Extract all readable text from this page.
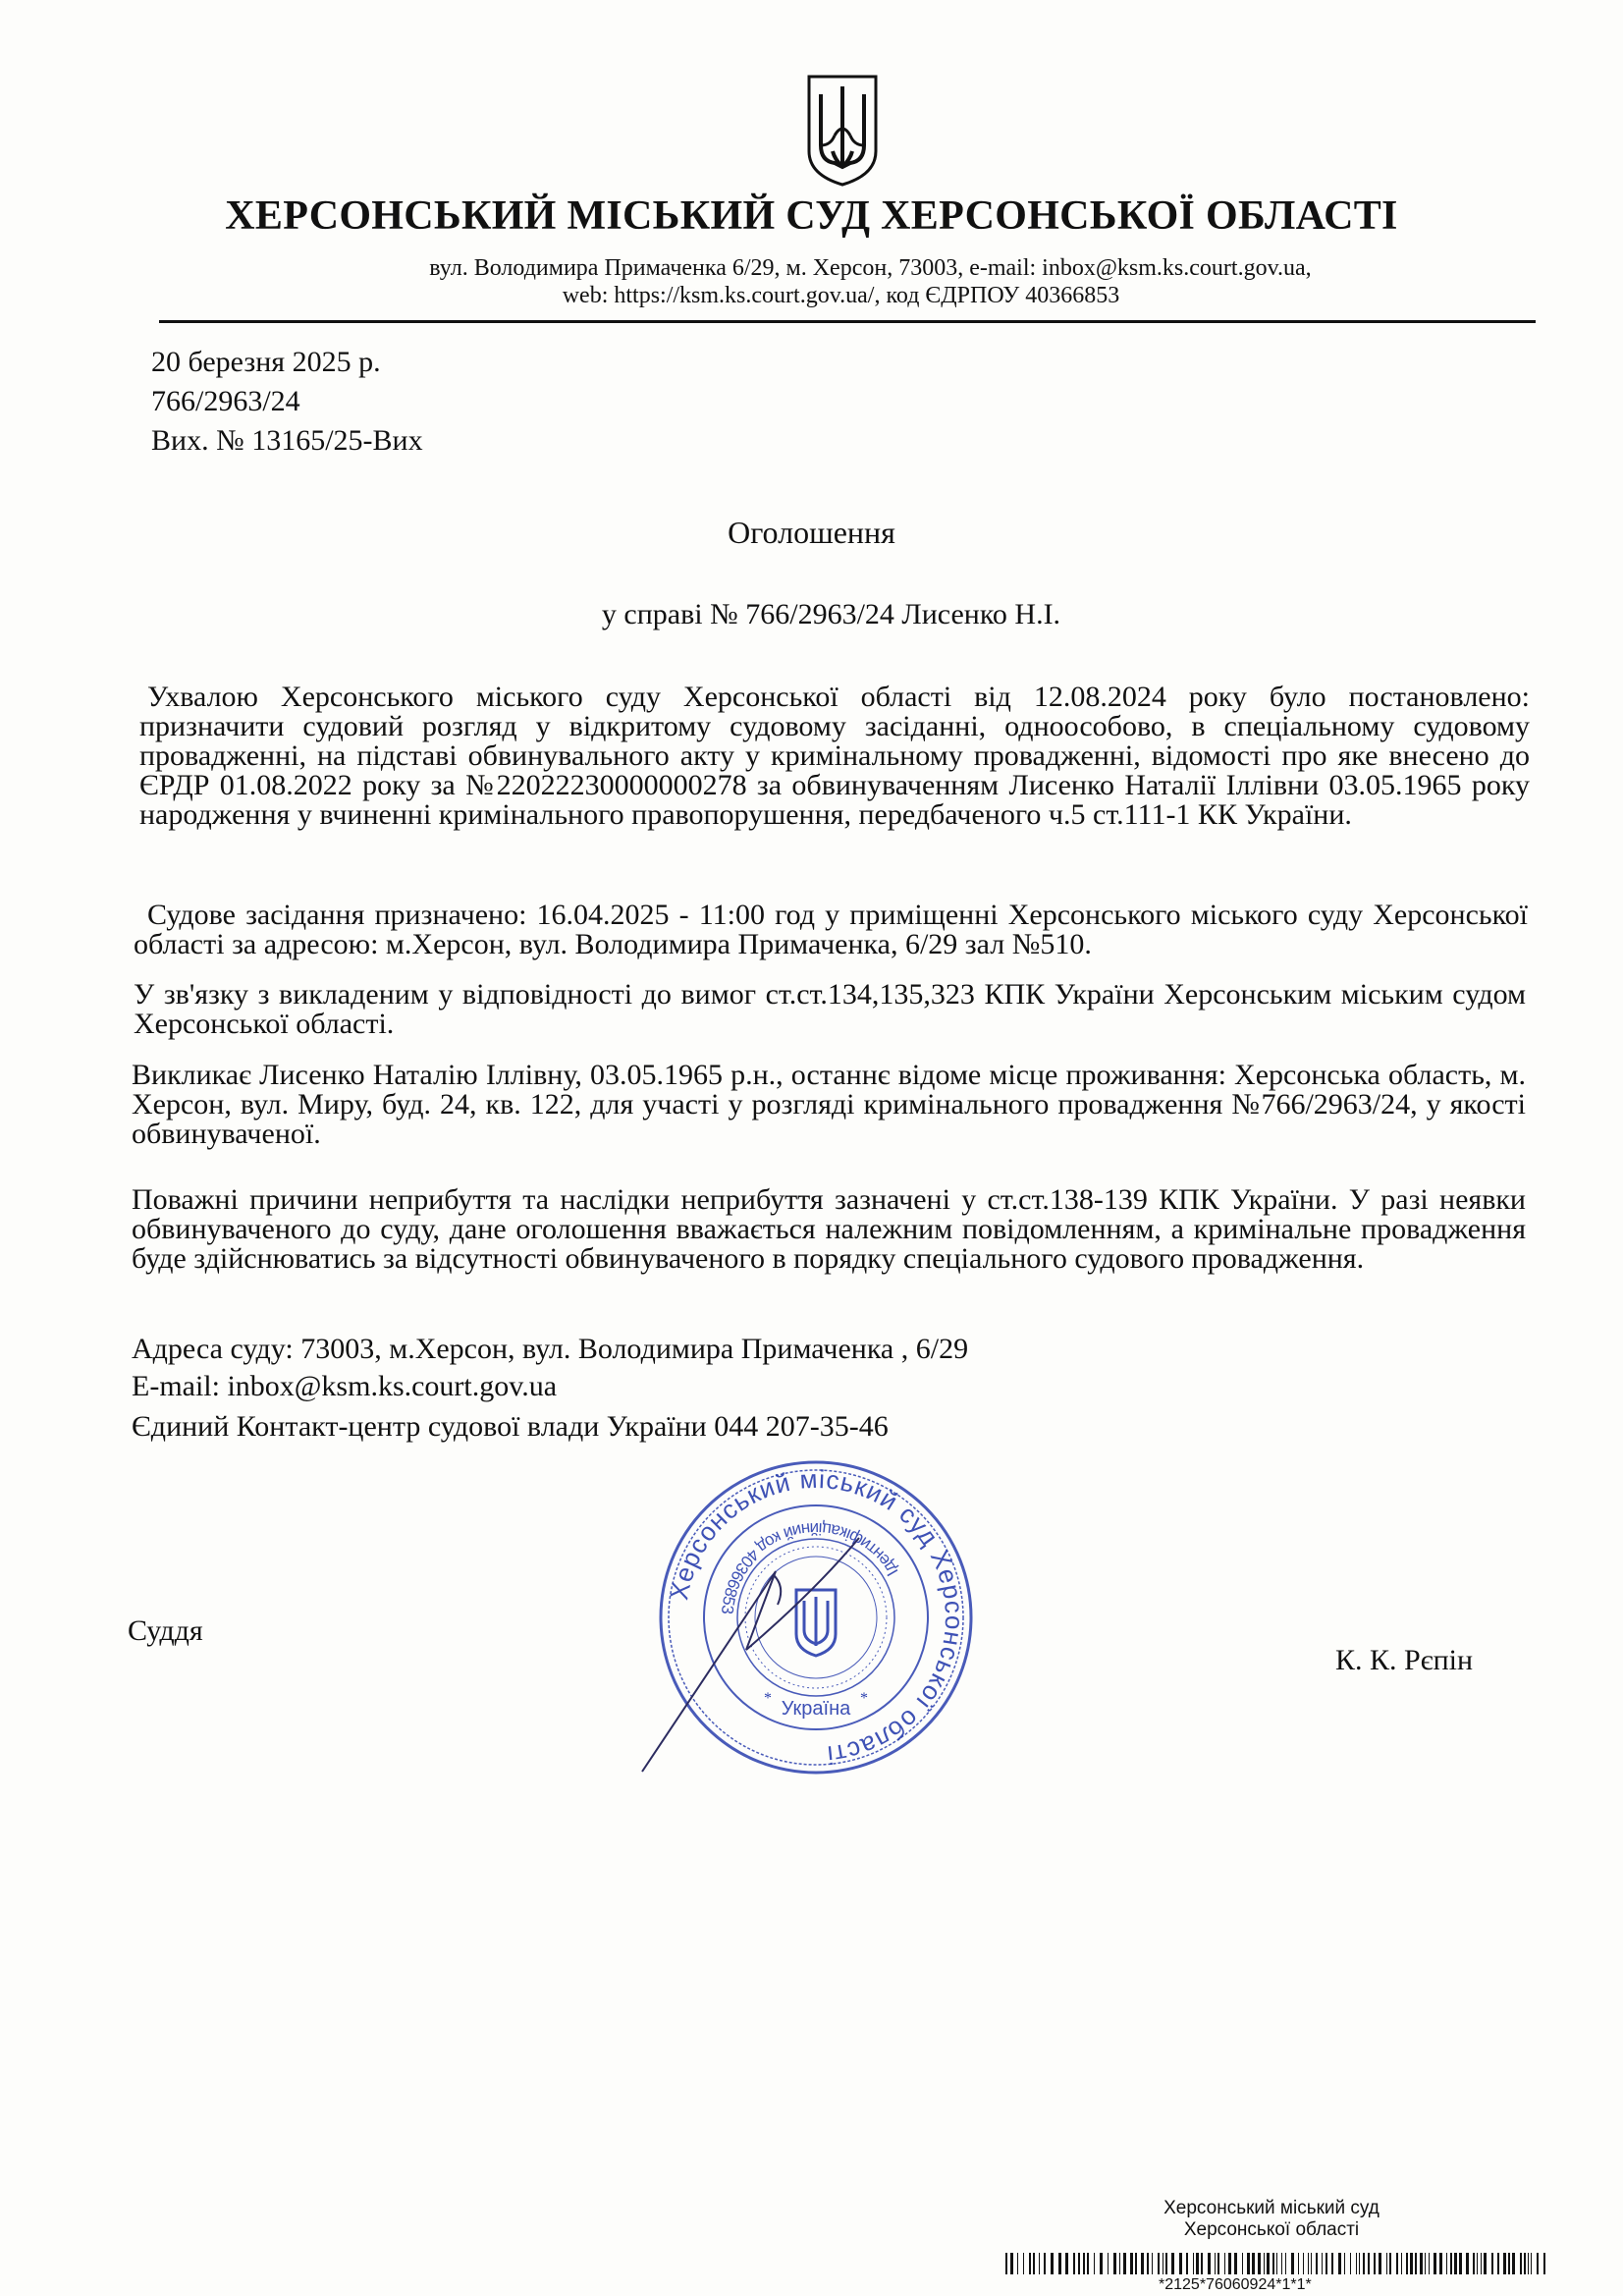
ХЕРСОНСЬКИЙ МІСЬКИЙ СУД ХЕРСОНСЬКОЇ ОБЛАСТІ
вул. Володимира Примаченка 6/29, м. Херсон, 73003, e-mail: inbox@ksm.ks.court.gov.ua,
web: https://ksm.ks.court.gov.ua/, код ЄДРПОУ 40366853
20 березня 2025 р.
766/2963/24
Вих. № 13165/25-Вих
Оголошення
у справі № 766/2963/24 Лисенко Н.І.

Ухвалою Херсонського міського суду Херсонської області від 12.08.2024 року було постановлено: призначити судовий розгляд у відкритому судовому засіданні, одноособово, в спеціальному судовому провадженні, на підставі обвинувального акту у кримінальному провадженні, відомості про яке внесено до ЄРДР 01.08.2022 року за №22022230000000278 за обвинуваченням Лисенко Наталії Іллівни 03.05.1965 року народження у вчиненні кримінального правопорушення, передбаченого ч.5 ст.111-1 КК України.

Судове засідання призначено: 16.04.2025 - 11:00 год у приміщенні Херсонського міського суду Херсонської області за адресою: м.Херсон, вул. Володимира Примаченка, 6/29 зал №510.

У зв'язку з викладеним у відповідності до вимог ст.ст.134,135,323 КПК України Херсонським міським судом Херсонської області.

Викликає Лисенко Наталію Іллівну, 03.05.1965 р.н., останнє відоме місце проживання: Херсонська область, м. Херсон, вул. Миру, буд. 24, кв. 122, для участі у розгляді кримінального провадження №766/2963/24, у якості обвинуваченої.

Поважні причини неприбуття та наслідки неприбуття зазначені у ст.ст.138-139 КПК України. У разі неявки обвинуваченого до суду, дане оголошення вважається належним повідомленням, а кримінальне провадження буде здійснюватись за відсутності обвинуваченого в порядку спеціального судового провадження.

Адреса суду: 73003, м.Херсон, вул. Володимира Примаченка , 6/29
E-mail: inbox@ksm.ks.court.gov.ua
Єдиний Контакт-центр судової влади України 044 207-35-46
Суддя
К. К. Рєпін
Херсонський міський суд Херсонської області
Ідентифікаційний код 40366853
Україна
*	*
Херсонський міський суд
Херсонської області
*2125*76060924*1*1*
